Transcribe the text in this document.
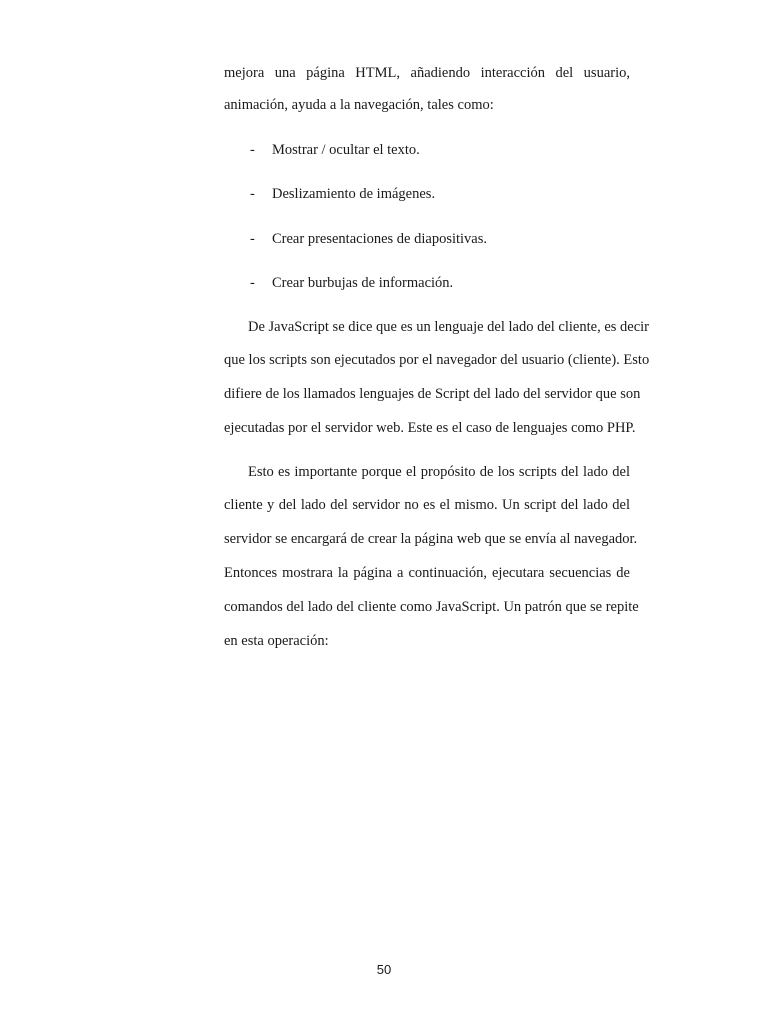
mejora una página HTML, añadiendo interacción del usuario,
animación, ayuda a la navegación, tales como:
- Mostrar / ocultar el texto.
- Deslizamiento de imágenes.
- Crear presentaciones de diapositivas.
- Crear burbujas de información.
De JavaScript se dice que es un lenguaje del lado del cliente, es decir
que los scripts son ejecutados por el navegador del usuario (cliente). Esto
difiere de los llamados lenguajes de Script del lado del servidor que son
ejecutadas por el servidor web. Este es el caso de lenguajes como PHP.
Esto es importante porque el propósito de los scripts del lado del
cliente y del lado del servidor no es el mismo. Un script del lado del
servidor se encargará de crear la página web que se envía al navegador.
Entonces mostrara la página a continuación, ejecutara secuencias de
comandos del lado del cliente como JavaScript. Un patrón que se repite
en esta operación:
50
